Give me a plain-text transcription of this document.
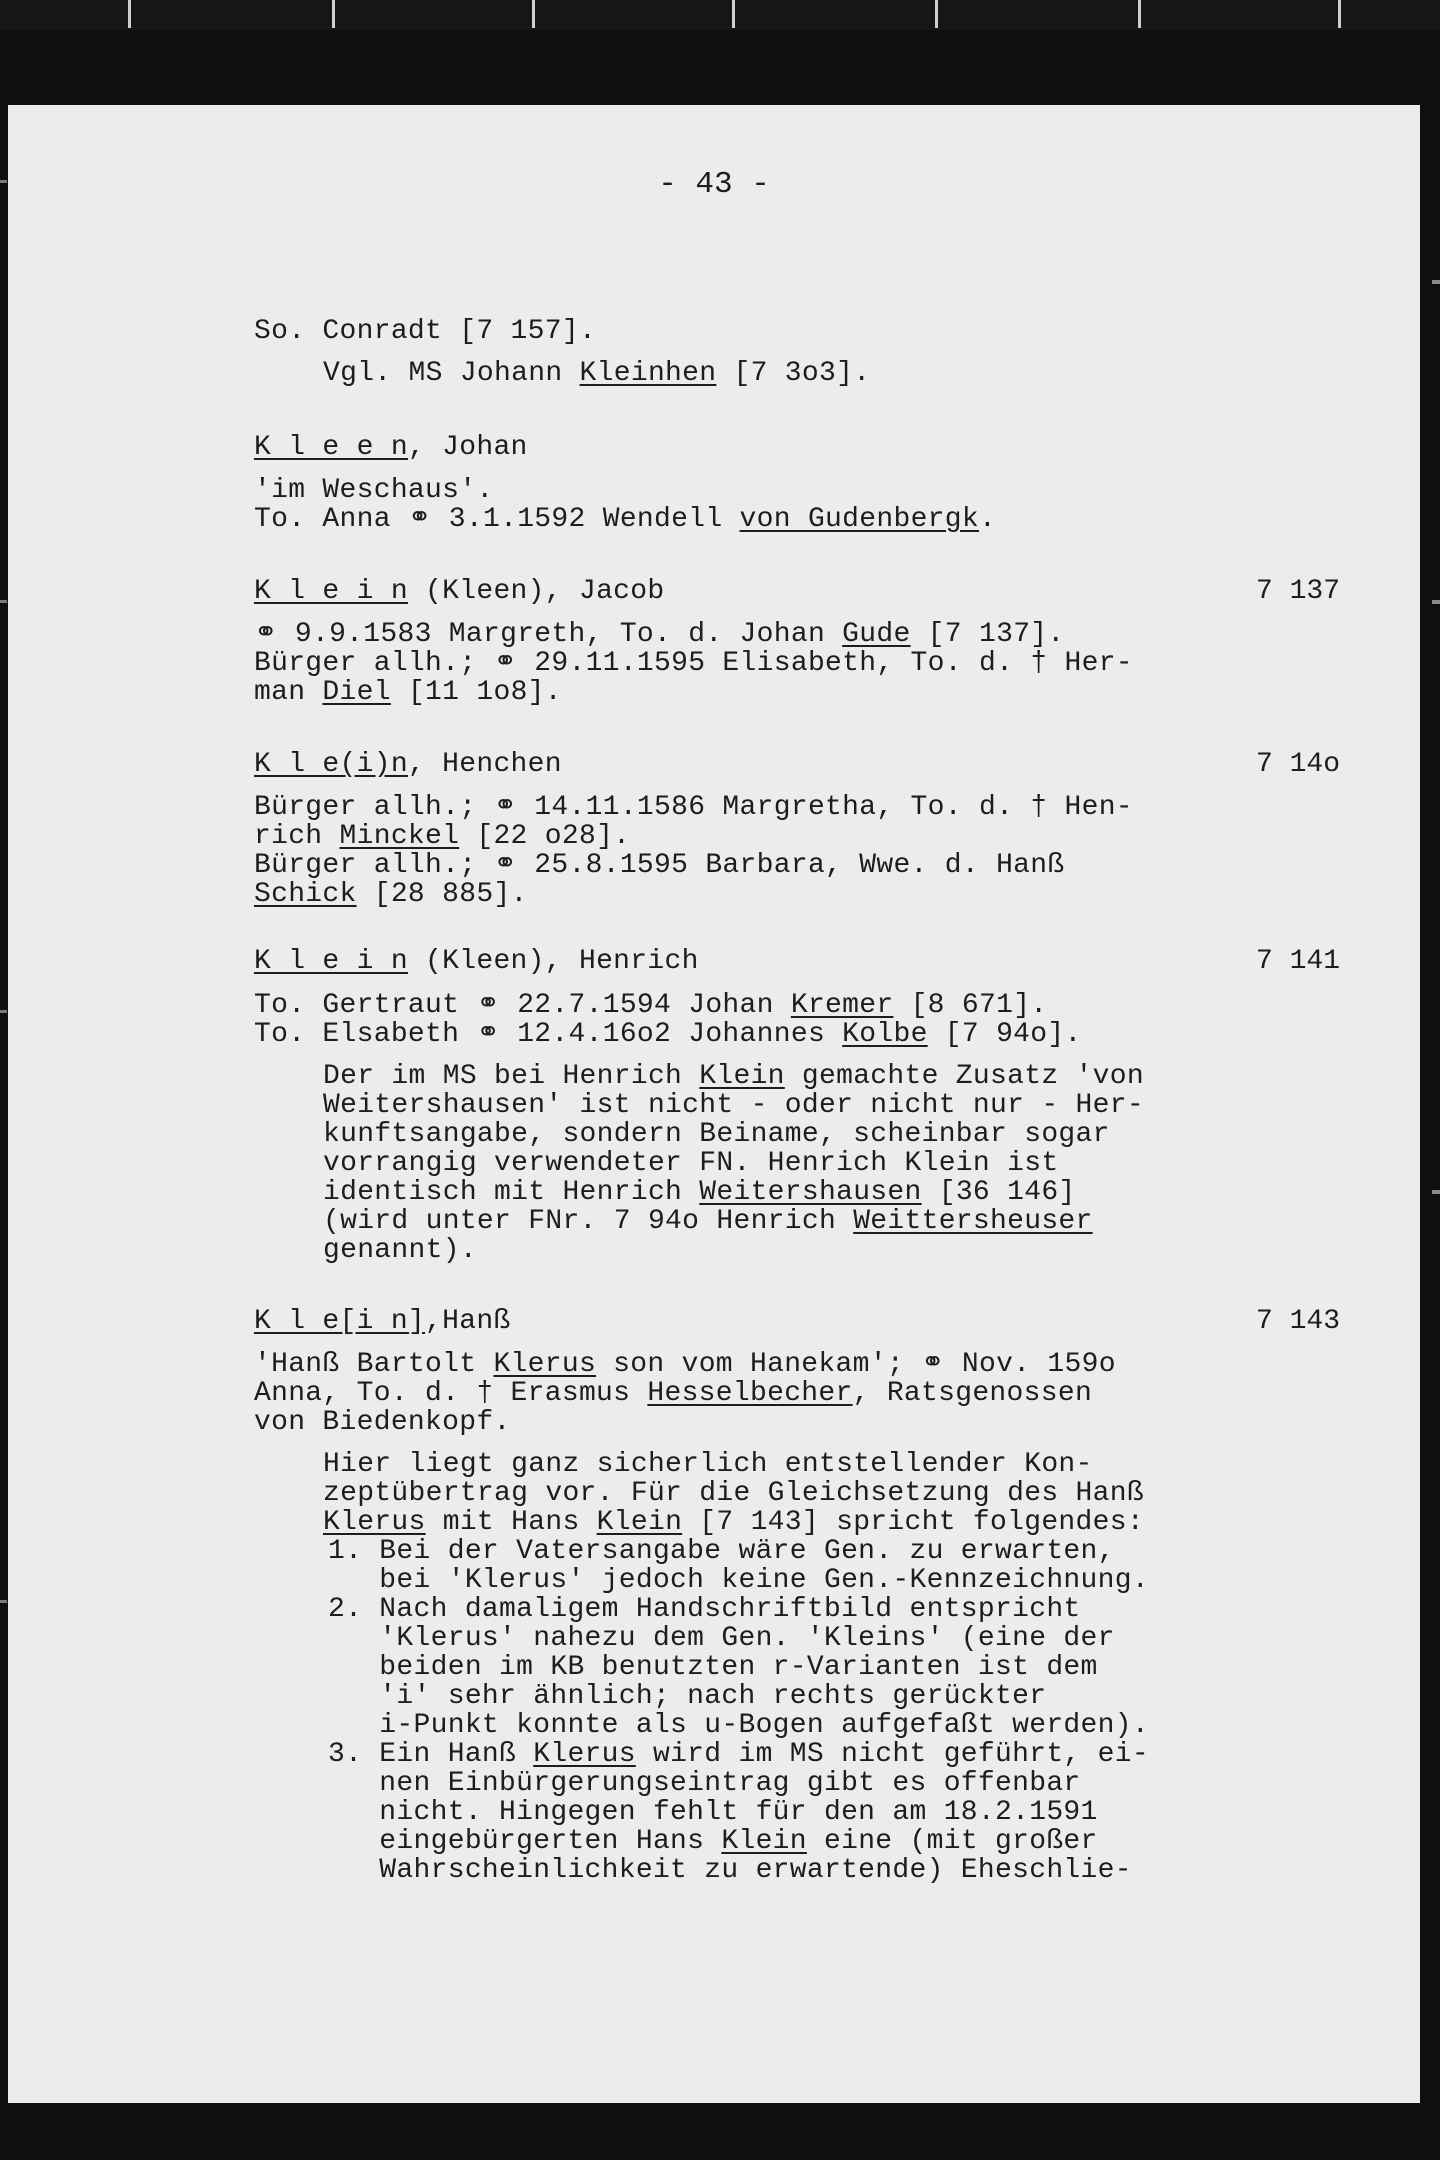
- 43 -
So. Conradt [7 157].
Vgl. MS Johann Kleinhen [7 3o3].
K l e e n, Johan
'im Weschaus'.
To. Anna ⚭ 3.1.1592 Wendell von Gudenbergk.
K l e i n (Kleen), Jacob	7 137
⚭ 9.9.1583 Margreth, To. d. Johan Gude [7 137].
Bürger allh.; ⚭ 29.11.1595 Elisabeth, To. d. † Her-
man Diel [11 1o8].
K l e(i)n, Henchen	7 14o
Bürger allh.; ⚭ 14.11.1586 Margretha, To. d. † Hen-
rich Minckel [22 o28].
Bürger allh.; ⚭ 25.8.1595 Barbara, Wwe. d. Hanß
Schick [28 885].
K l e i n (Kleen), Henrich	7 141
To. Gertraut ⚭ 22.7.1594 Johan Kremer [8 671].
To. Elsabeth ⚭ 12.4.16o2 Johannes Kolbe [7 94o].
Der im MS bei Henrich Klein gemachte Zusatz 'von
Weitershausen' ist nicht - oder nicht nur - Her-
kunftsangabe, sondern Beiname, scheinbar sogar
vorrangig verwendeter FN. Henrich Klein ist
identisch mit Henrich Weitershausen [36 146]
(wird unter FNr. 7 94o Henrich Weittersheuser
genannt).
K l e[i n],Hanß	7 143
'Hanß Bartolt Klerus son vom Hanekam'; ⚭ Nov. 159o
Anna, To. d. † Erasmus Hesselbecher, Ratsgenossen
von Biedenkopf.
Hier liegt ganz sicherlich entstellender Kon-
zeptübertrag vor. Für die Gleichsetzung des Hanß
Klerus mit Hans Klein [7 143] spricht folgendes:
1. Bei der Vatersangabe wäre Gen. zu erwarten,
bei 'Klerus' jedoch keine Gen.-Kennzeichnung.
2. Nach damaligem Handschriftbild entspricht
'Klerus' nahezu dem Gen. 'Kleins' (eine der
beiden im KB benutzten r-Varianten ist dem
'i' sehr ähnlich; nach rechts gerückter
i-Punkt konnte als u-Bogen aufgefaßt werden).
3. Ein Hanß Klerus wird im MS nicht geführt, ei-
nen Einbürgerungseintrag gibt es offenbar
nicht. Hingegen fehlt für den am 18.2.1591
eingebürgerten Hans Klein eine (mit großer
Wahrscheinlichkeit zu erwartende) Eheschlie-
